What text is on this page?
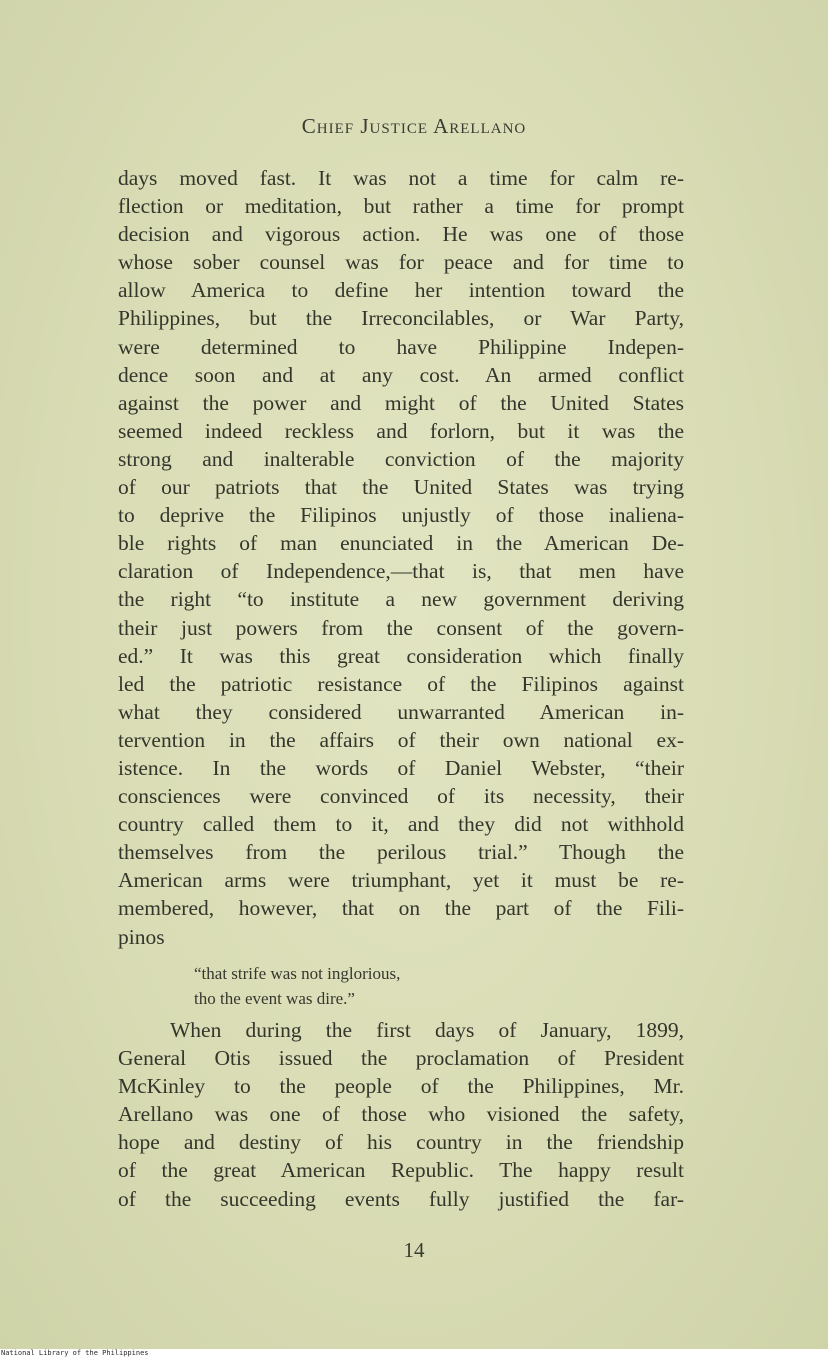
Chief Justice Arellano
days moved fast. It was not a time for calm re-
flection or meditation, but rather a time for prompt
decision and vigorous action. He was one of those
whose sober counsel was for peace and for time to
allow America to define her intention toward the
Philippines, but the Irreconcilables, or War Party,
were determined to have Philippine Indepen-
dence soon and at any cost. An armed conflict
against the power and might of the United States
seemed indeed reckless and forlorn, but it was the
strong and inalterable conviction of the majority
of our patriots that the United States was trying
to deprive the Filipinos unjustly of those inaliena-
ble rights of man enunciated in the American De-
claration of Independence,—that is, that men have
the right “to institute a new government deriving
their just powers from the consent of the govern-
ed.” It was this great consideration which finally
led the patriotic resistance of the Filipinos against
what they considered unwarranted American in-
tervention in the affairs of their own national ex-
istence. In the words of Daniel Webster, “their
consciences were convinced of its necessity, their
country called them to it, and they did not withhold
themselves from the perilous trial.” Though the
American arms were triumphant, yet it must be re-
membered, however, that on the part of the Fili-
pinos
“that strife was not inglorious,
tho the event was dire.”
When during the first days of January, 1899,
General Otis issued the proclamation of President
McKinley to the people of the Philippines, Mr.
Arellano was one of those who visioned the safety,
hope and destiny of his country in the friendship
of the great American Republic. The happy result
of the succeeding events fully justified the far-
14
National Library of the Philippines
